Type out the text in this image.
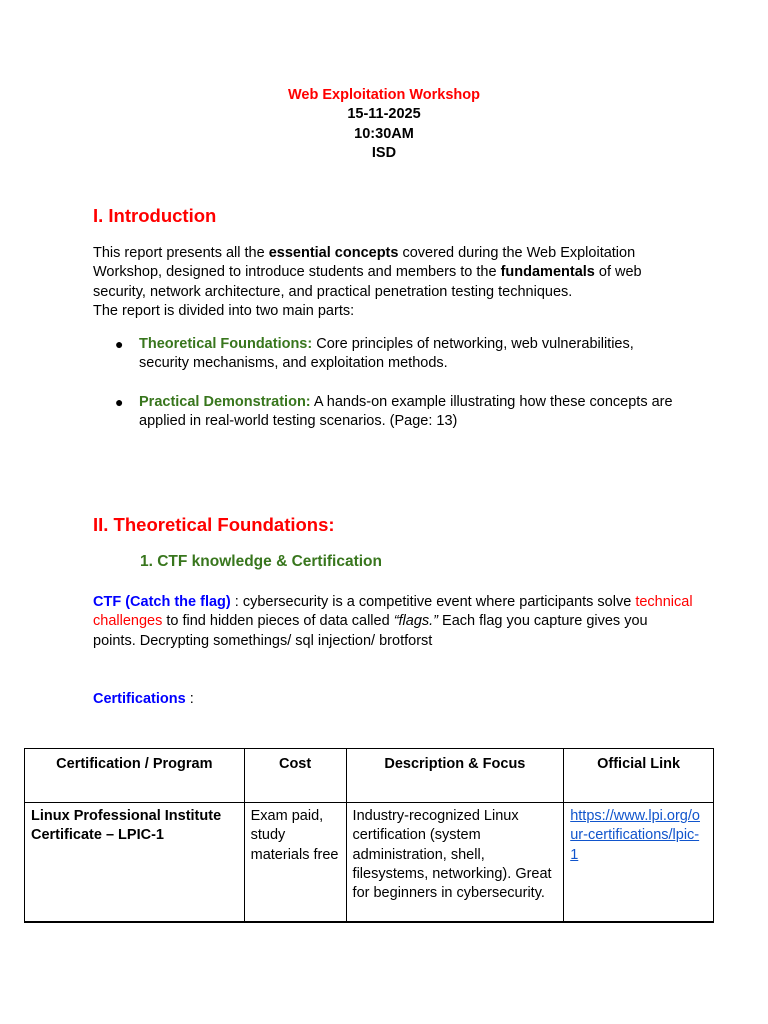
Web Exploitation Workshop
15-11-2025
10:30AM
ISD
I. Introduction
This report presents all the essential concepts covered during the Web Exploitation Workshop, designed to introduce students and members to the fundamentals of web security, network architecture, and practical penetration testing techniques.
The report is divided into two main parts:
●	Theoretical Foundations: Core principles of networking, web vulnerabilities, security mechanisms, and exploitation methods.
●	Practical Demonstration: A hands-on example illustrating how these concepts are applied in real-world testing scenarios. (Page: 13)
II. Theoretical Foundations:
1. CTF knowledge & Certification
CTF (Catch the flag) : cybersecurity is a competitive event where participants solve technical challenges to find hidden pieces of data called “flags.” Each flag you capture gives you points. Decrypting somethings/ sql injection/ brotforst
Certifications :
Certification / Program	Cost	Description & Focus	Official Link
Linux Professional Institute Certificate – LPIC-1	Exam paid, study materials free	Industry-recognized Linux certification (system administration, shell, filesystems, networking). Great for beginners in cybersecurity.	https://www.lpi.org/our-certifications/lpic-1
